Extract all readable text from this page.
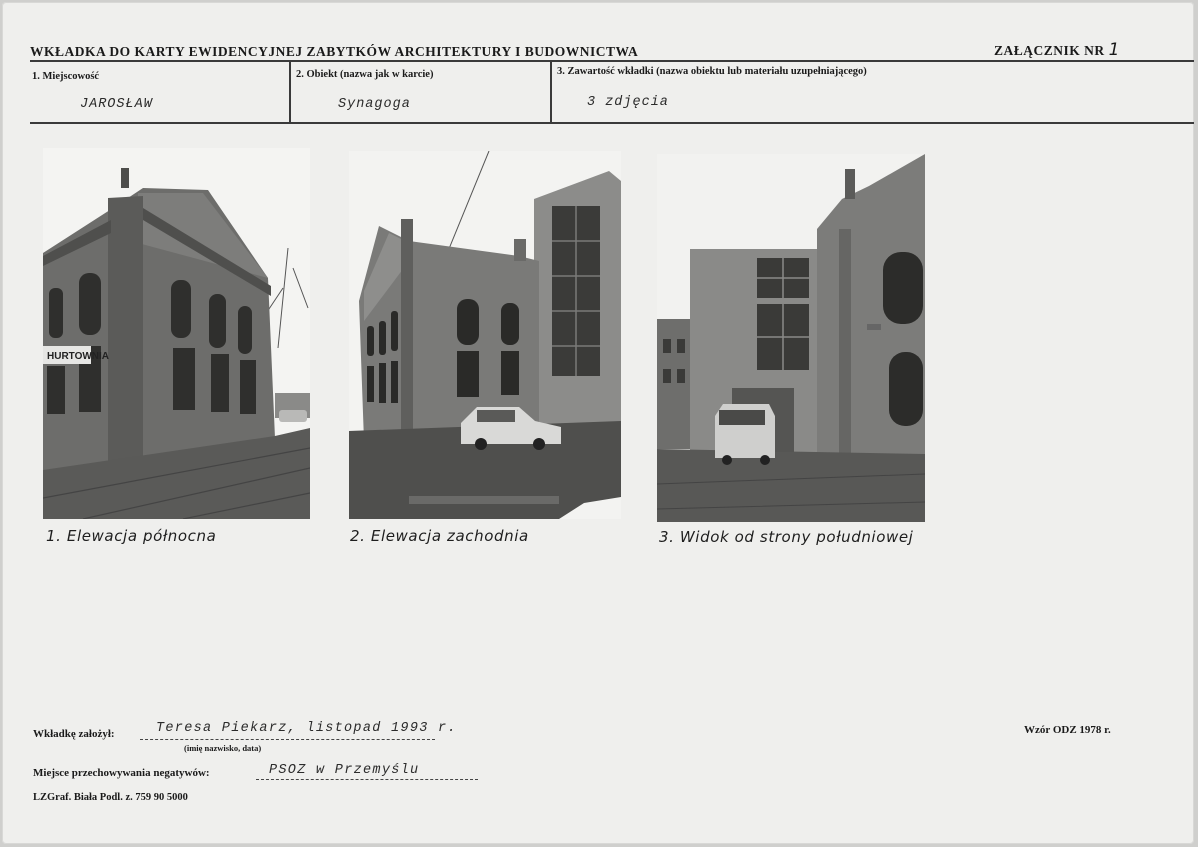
WKŁADKA DO KARTY EWIDENCYJNEJ ZABYTKÓW ARCHITEKTURY I BUDOWNICTWA	ZAŁĄCZNIK NR 1
1. Miejscowość
JAROSŁAW
2. Obiekt (nazwa jak w karcie)
Synagoga
3. Zawartość wkładki (nazwa obiektu lub materiału uzupełniającego)
3 zdjęcia
HURTOWNIA
1. Elewacja północna	2. Elewacja zachodnia	3. Widok od strony południowej
Wkładkę założył:	Teresa Piekarz, listopad 1993 r.
(imię nazwisko, data)
Miejsce przechowywania negatywów:	PSOZ w Przemyślu
LZGraf. Biała Podl. z. 759 90 5000
Wzór ODZ 1978 r.
